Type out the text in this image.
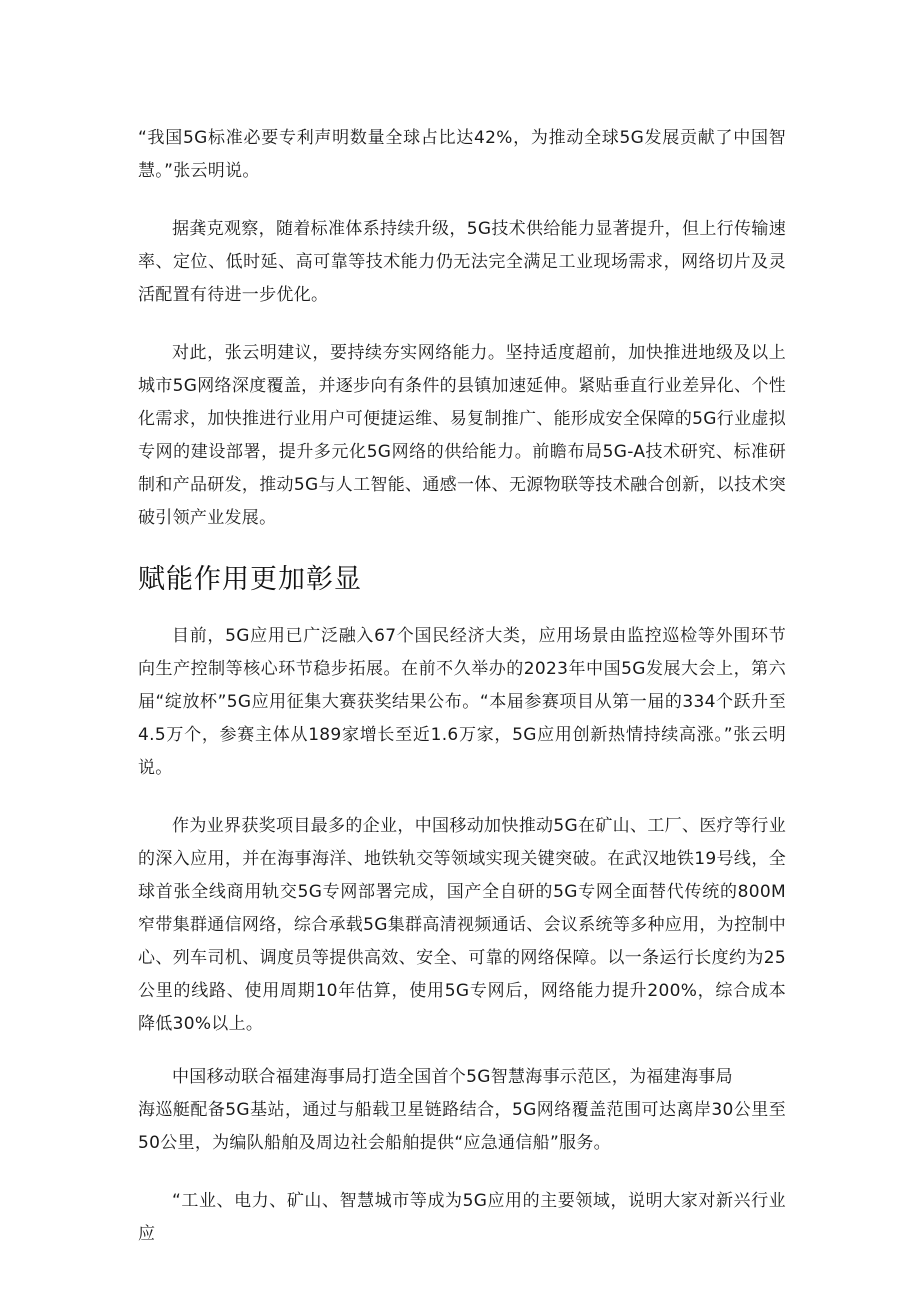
“我国5G标准必要专利声明数量全球占比达42%，为推动全球5G发展贡献了中国智慧。”张云明说。

据龚克观察，随着标准体系持续升级，5G技术供给能力显著提升，但上行传输速率、定位、低时延、高可靠等技术能力仍无法完全满足工业现场需求，网络切片及灵活配置有待进一步优化。

对此，张云明建议，要持续夯实网络能力。坚持适度超前，加快推进地级及以上城市5G网络深度覆盖，并逐步向有条件的县镇加速延伸。紧贴垂直行业差异化、个性化需求，加快推进行业用户可便捷运维、易复制推广、能形成安全保障的5G行业虚拟专网的建设部署，提升多元化5G网络的供给能力。前瞻布局5G-A技术研究、标准研制和产品研发，推动5G与人工智能、通感一体、无源物联等技术融合创新，以技术突破引领产业发展。

赋能作用更加彰显

目前，5G应用已广泛融入67个国民经济大类，应用场景由监控巡检等外围环节向生产控制等核心环节稳步拓展。在前不久举办的2023年中国5G发展大会上，第六届“绽放杯”5G应用征集大赛获奖结果公布。“本届参赛项目从第一届的334个跃升至4.5万个，参赛主体从189家增长至近1.6万家，5G应用创新热情持续高涨。”张云明说。

作为业界获奖项目最多的企业，中国移动加快推动5G在矿山、工厂、医疗等行业的深入应用，并在海事海洋、地铁轨交等领域实现关键突破。在武汉地铁19号线，全球首张全线商用轨交5G专网部署完成，国产全自研的5G专网全面替代传统的800M窄带集群通信网络，综合承载5G集群高清视频通话、会议系统等多种应用，为控制中心、列车司机、调度员等提供高效、安全、可靠的网络保障。以一条运行长度约为25公里的线路、使用周期10年估算，使用5G专网后，网络能力提升200%，综合成本降低30%以上。

中国移动联合福建海事局打造全国首个5G智慧海事示范区，为福建海事局
海巡艇配备5G基站，通过与船载卫星链路结合，5G网络覆盖范围可达离岸30公里至50公里，为编队船舶及周边社会船舶提供“应急通信船”服务。

“工业、电力、矿山、智慧城市等成为5G应用的主要领域，说明大家对新兴行业应
